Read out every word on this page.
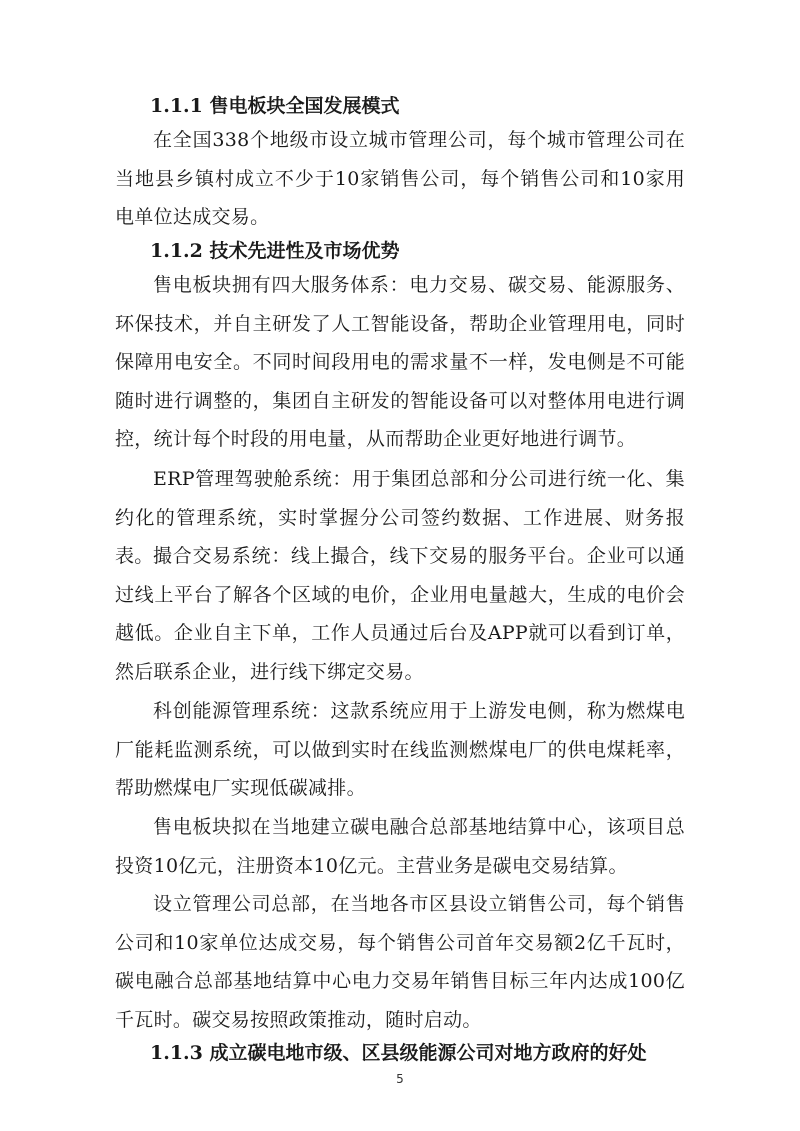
1.1.1 售电板块全国发展模式

在全国338个地级市设立城市管理公司，每个城市管理公司在当地县乡镇村成立不少于10家销售公司，每个销售公司和10家用电单位达成交易。

1.1.2 技术先进性及市场优势

售电板块拥有四大服务体系：电力交易、碳交易、能源服务、环保技术，并自主研发了人工智能设备，帮助企业管理用电，同时保障用电安全。不同时间段用电的需求量不一样，发电侧是不可能随时进行调整的，集团自主研发的智能设备可以对整体用电进行调控，统计每个时段的用电量，从而帮助企业更好地进行调节。

ERP管理驾驶舱系统：用于集团总部和分公司进行统一化、集约化的管理系统，实时掌握分公司签约数据、工作进展、财务报表。 撮合交易系统：线上撮合，线下交易的服务平台。企业可以通过线上平台了解各个区域的电价，企业用电量越大，生成的电价会越低。企业自主下单，工作人员通过后台及APP就可以看到订单，然后联系企业，进行线下绑定交易。

科创能源管理系统：这款系统应用于上游发电侧，称为燃煤电厂能耗监测系统，可以做到实时在线监测燃煤电厂的供电煤耗率，帮助燃煤电厂实现低碳减排。

售电板块拟在当地建立碳电融合总部基地结算中心，该项目总投资10亿元，注册资本10亿元。主营业务是碳电交易结算。

设立管理公司总部，在当地各市区县设立销售公司，每个销售公司和10家单位达成交易，每个销售公司首年交易额2亿千瓦时，碳电融合总部基地结算中心电力交易年销售目标三年内达成100亿千瓦时。碳交易按照政策推动，随时启动。

1.1.3 成立碳电地市级、区县级能源公司对地方政府的好处
5
